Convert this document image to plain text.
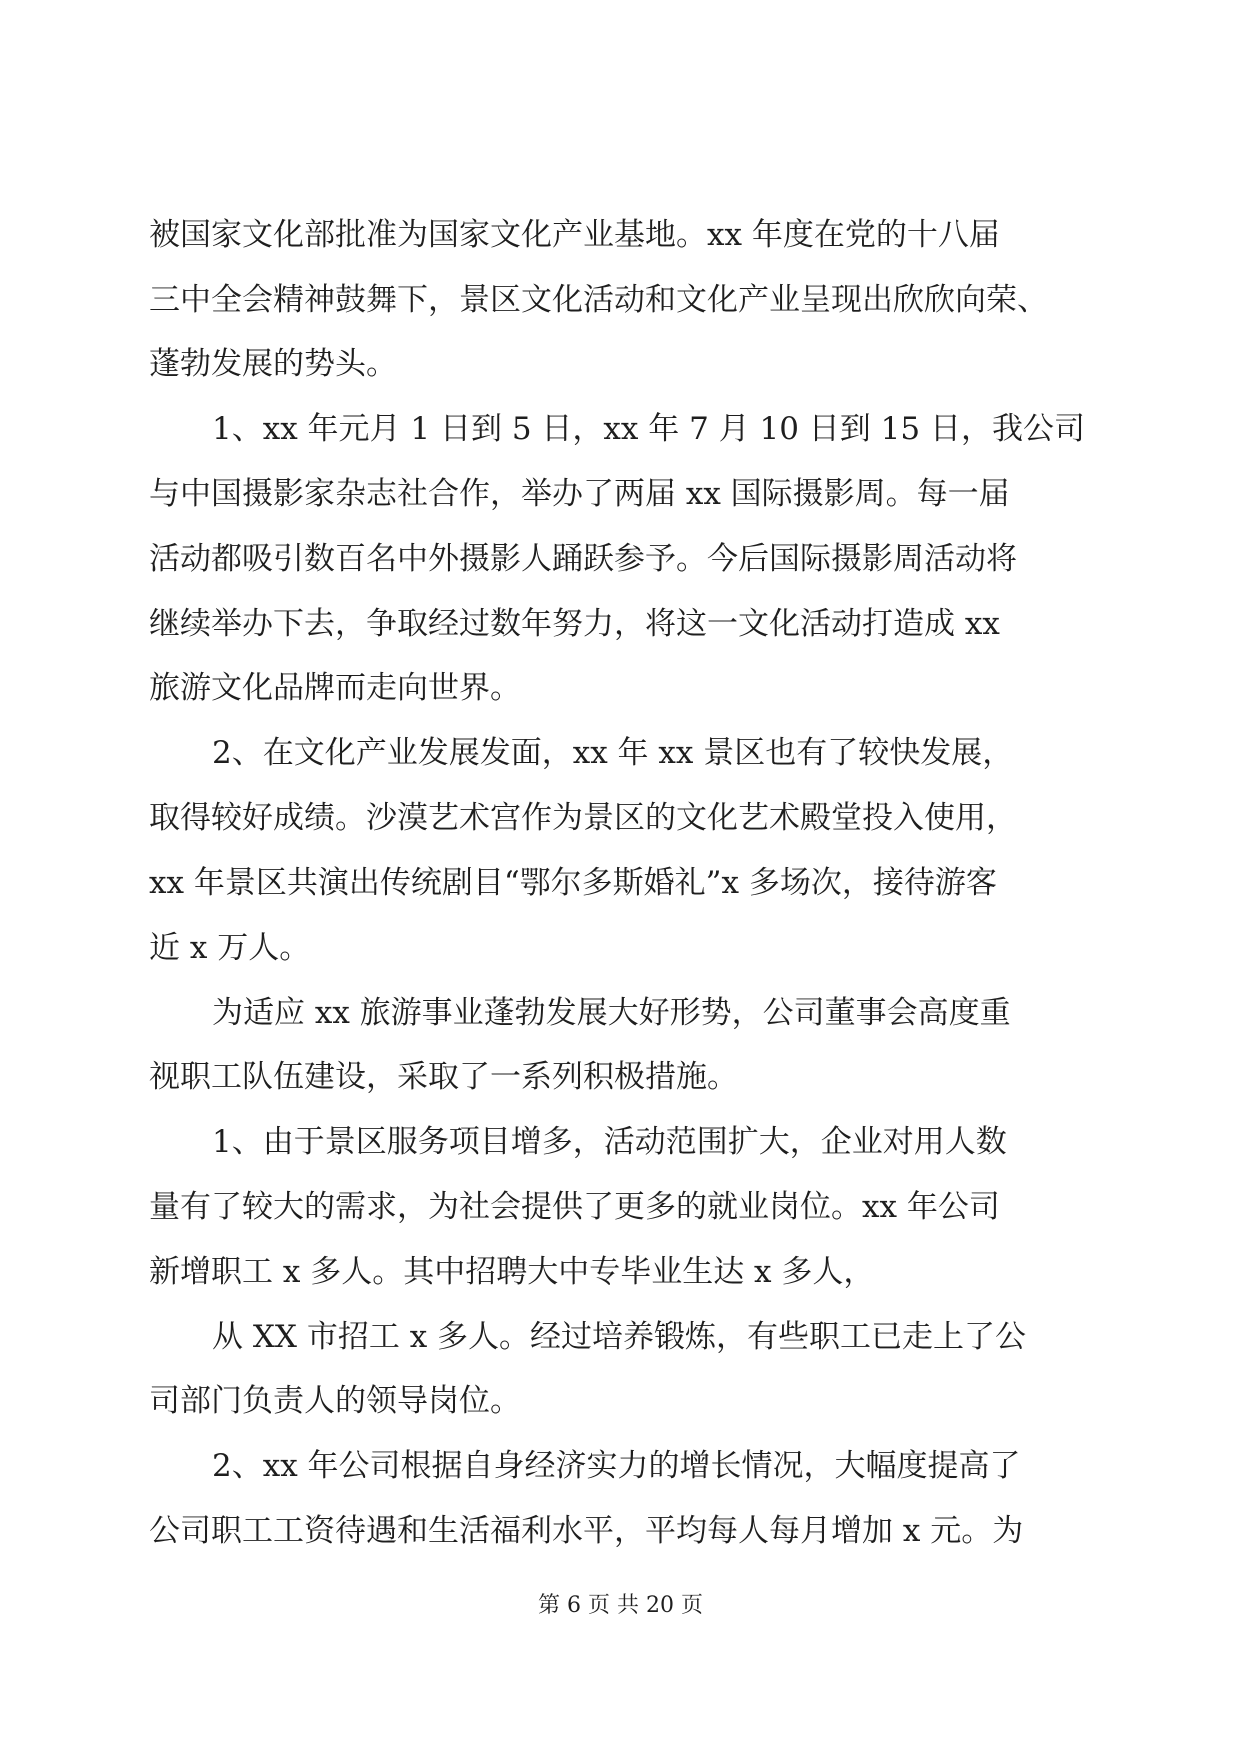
被国家文化部批准为国家文化产业基地。xx 年度在党的十八届

三中全会精神鼓舞下，景区文化活动和文化产业呈现出欣欣向荣、

蓬勃发展的势头。

1、xx 年元月 1 日到 5 日，xx 年 7 月 10 日到 15 日，我公司

与中国摄影家杂志社合作，举办了两届 xx 国际摄影周。每一届

活动都吸引数百名中外摄影人踊跃参予。今后国际摄影周活动将

继续举办下去，争取经过数年努力，将这一文化活动打造成 xx

旅游文化品牌而走向世界。

2、在文化产业发展发面，xx 年 xx 景区也有了较快发展，

取得较好成绩。沙漠艺术宫作为景区的文化艺术殿堂投入使用，

xx 年景区共演出传统剧目“鄂尔多斯婚礼”x 多场次，接待游客

近 x 万人。

为适应 xx 旅游事业蓬勃发展大好形势，公司董事会高度重

视职工队伍建设，采取了一系列积极措施。

1、由于景区服务项目增多，活动范围扩大，企业对用人数

量有了较大的需求，为社会提供了更多的就业岗位。xx 年公司

新增职工 x 多人。其中招聘大中专毕业生达 x 多人，

从 XX 市招工 x 多人。经过培养锻炼，有些职工已走上了公

司部门负责人的领导岗位。

2、xx 年公司根据自身经济实力的增长情况，大幅度提高了

公司职工工资待遇和生活福利水平，平均每人每月增加 x 元。为

第 6 页 共 20 页
